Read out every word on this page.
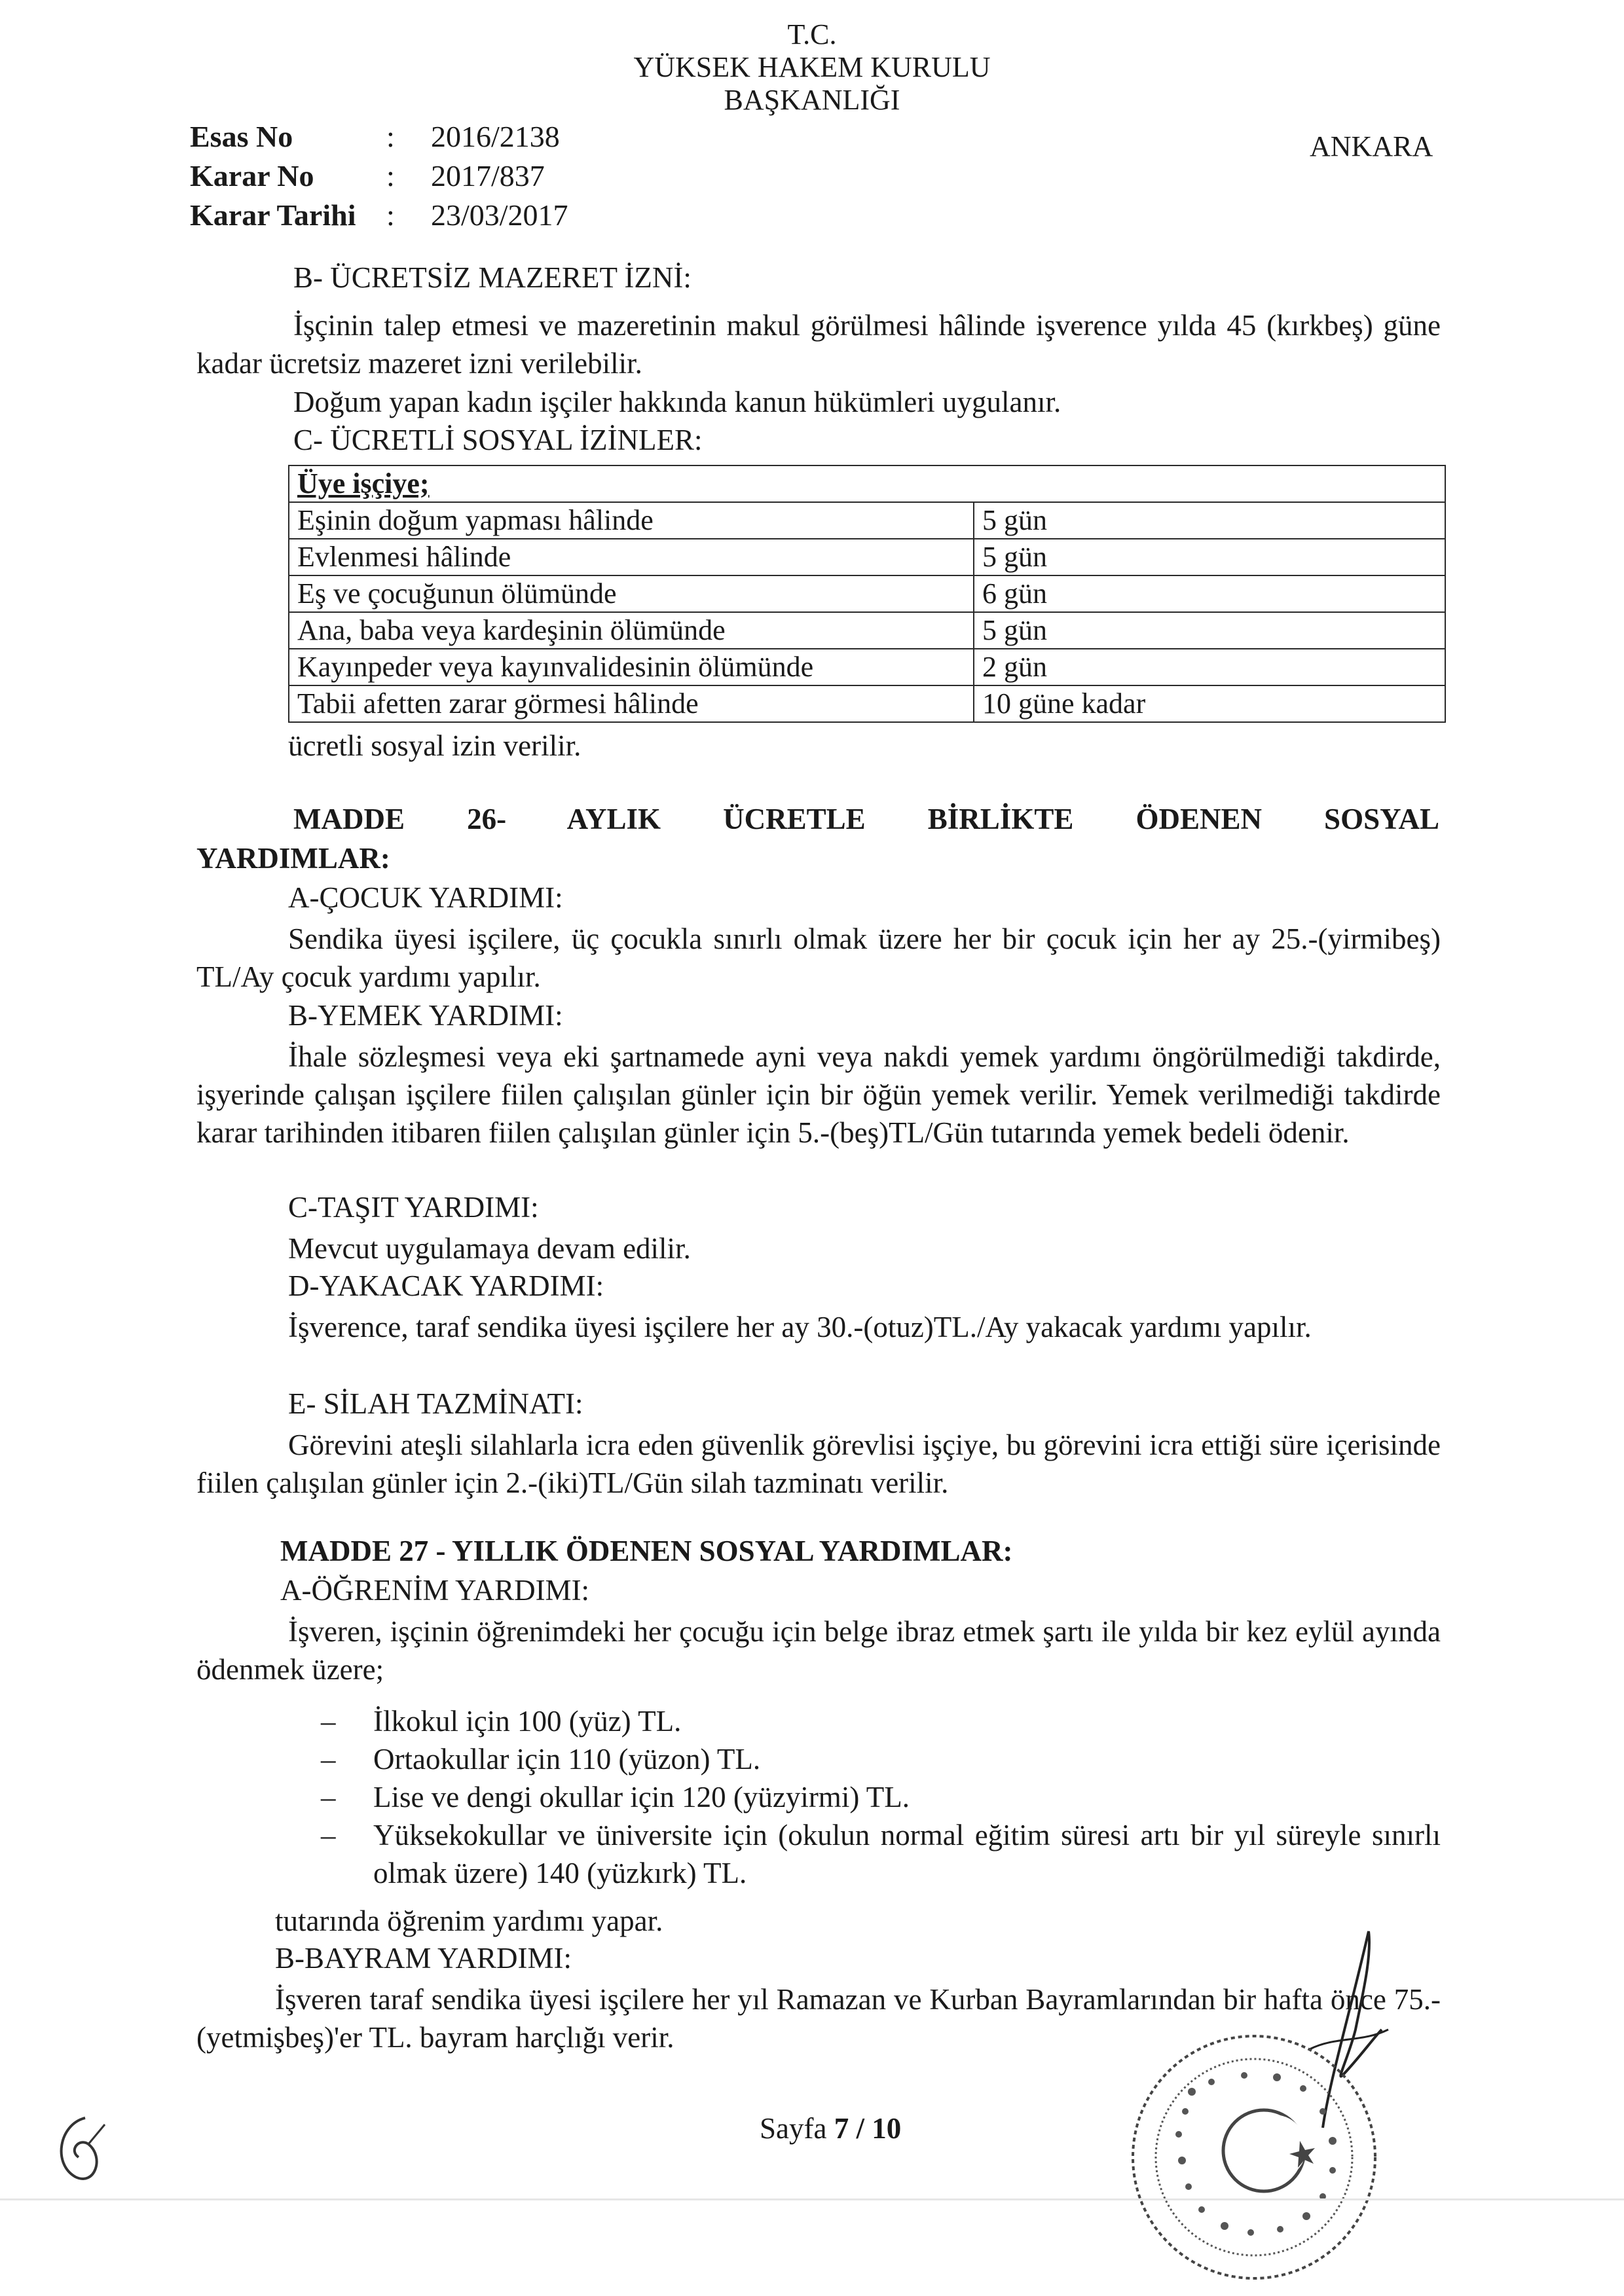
T.C.
YÜKSEK HAKEM KURULU
BAŞKANLIĞI
ANKARA
Esas No	:	2016/2138
Karar No	:	2017/837
Karar Tarihi	:	23/03/2017
B- ÜCRETSİZ MAZERET İZNİ:
İşçinin talep etmesi ve mazeretinin makul görülmesi hâlinde işverence yılda 45 (kırkbeş) güne kadar ücretsiz mazeret izni verilebilir.
Doğum yapan kadın işçiler hakkında kanun hükümleri uygulanır.
C- ÜCRETLİ SOSYAL İZİNLER:
Üye işçiye;	
Eşinin doğum yapması hâlinde	5 gün
Evlenmesi hâlinde	5 gün
Eş ve çocuğunun ölümünde	6 gün
Ana, baba veya kardeşinin ölümünde	5 gün
Kayınpeder veya kayınvalidesinin ölümünde	2 gün
Tabii afetten zarar görmesi hâlinde	10 güne kadar
ücretli sosyal izin verilir.
MADDE 26- AYLIK ÜCRETLE BİRLİKTE ÖDENEN SOSYAL
YARDIMLAR:
A-ÇOCUK YARDIMI:
Sendika üyesi işçilere, üç çocukla sınırlı olmak üzere her bir çocuk için her ay 25.-(yirmibeş) TL/Ay çocuk yardımı yapılır.
B-YEMEK YARDIMI:
İhale sözleşmesi veya eki şartnamede ayni veya nakdi yemek yardımı öngörülmediği takdirde, işyerinde çalışan işçilere fiilen çalışılan günler için bir öğün yemek verilir. Yemek verilmediği takdirde karar tarihinden itibaren fiilen çalışılan günler için 5.-(beş)TL/Gün tutarında yemek bedeli ödenir.
C-TAŞIT YARDIMI:
Mevcut uygulamaya devam edilir.
D-YAKACAK YARDIMI:
İşverence, taraf sendika üyesi işçilere her ay 30.-(otuz)TL./Ay yakacak yardımı yapılır.
E- SİLAH TAZMİNATI:
Görevini ateşli silahlarla icra eden güvenlik görevlisi işçiye, bu görevini icra ettiği süre içerisinde fiilen çalışılan günler için 2.-(iki)TL/Gün silah tazminatı verilir.
MADDE 27 - YILLIK ÖDENEN SOSYAL YARDIMLAR:
A-ÖĞRENİM YARDIMI:
İşveren, işçinin öğrenimdeki her çocuğu için belge ibraz etmek şartı ile yılda bir kez eylül ayında ödenmek üzere;
–	İlkokul için 100 (yüz) TL.
–	Ortaokullar için 110 (yüzon) TL.
–	Lise ve dengi okullar için 120 (yüzyirmi) TL.
–	Yüksekokullar ve üniversite için (okulun normal eğitim süresi artı bir yıl süreyle sınırlı olmak üzere) 140 (yüzkırk) TL.
tutarında öğrenim yardımı yapar.
B-BAYRAM YARDIMI:
İşveren taraf sendika üyesi işçilere her yıl Ramazan ve Kurban Bayramlarından bir hafta önce 75.-(yetmişbeş)'er TL. bayram harçlığı verir.
Sayfa 7 / 10
